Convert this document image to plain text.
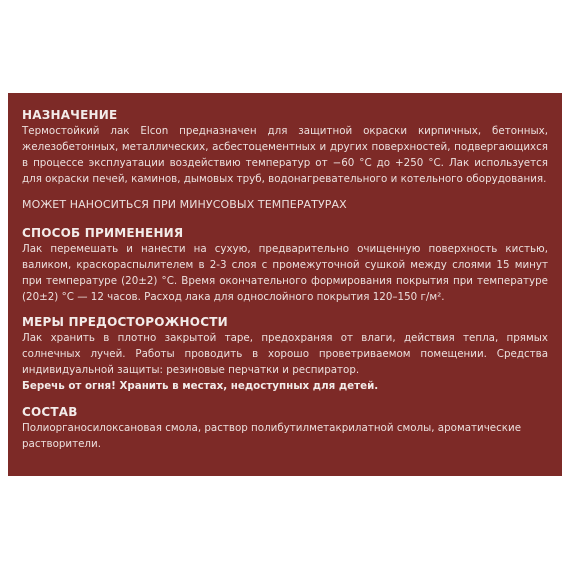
НАЗНАЧЕНИЕ

Термостойкий лак Elcon предназначен для защитной окраски кирпичных, бетонных, железобетонных, металлических, асбестоцементных и других поверхностей, подвергающихся в процессе эксплуатации воздействию температур от −60 °C до +250 °C. Лак используется для окраски печей, каминов, дымовых труб, водонагревательного и котельного оборудования.

МОЖЕТ НАНОСИТЬСЯ ПРИ МИНУСОВЫХ ТЕМПЕРАТУРАХ

СПОСОБ ПРИМЕНЕНИЯ

Лак перемешать и нанести на сухую, предварительно очищенную поверхность кистью, валиком, краскораспылителем в 2-3 слоя с промежуточной сушкой между слоями 15 минут при температуре (20±2) °C. Время окончательного формирования покрытия при температуре (20±2) °C — 12 часов. Расход лака для однослойного покрытия 120–150 г/м².

МЕРЫ ПРЕДОСТОРОЖНОСТИ

Лак хранить в плотно закрытой таре, предохраняя от влаги, действия тепла, прямых солнечных лучей. Работы проводить в хорошо проветриваемом помещении. Средства индивидуальной защиты: резиновые перчатки и респиратор.

Беречь от огня! Хранить в местах, недоступных для детей.

СОСТАВ

Полиорганосилоксановая смола, раствор полибутилметакрилатной смолы, ароматические растворители.
